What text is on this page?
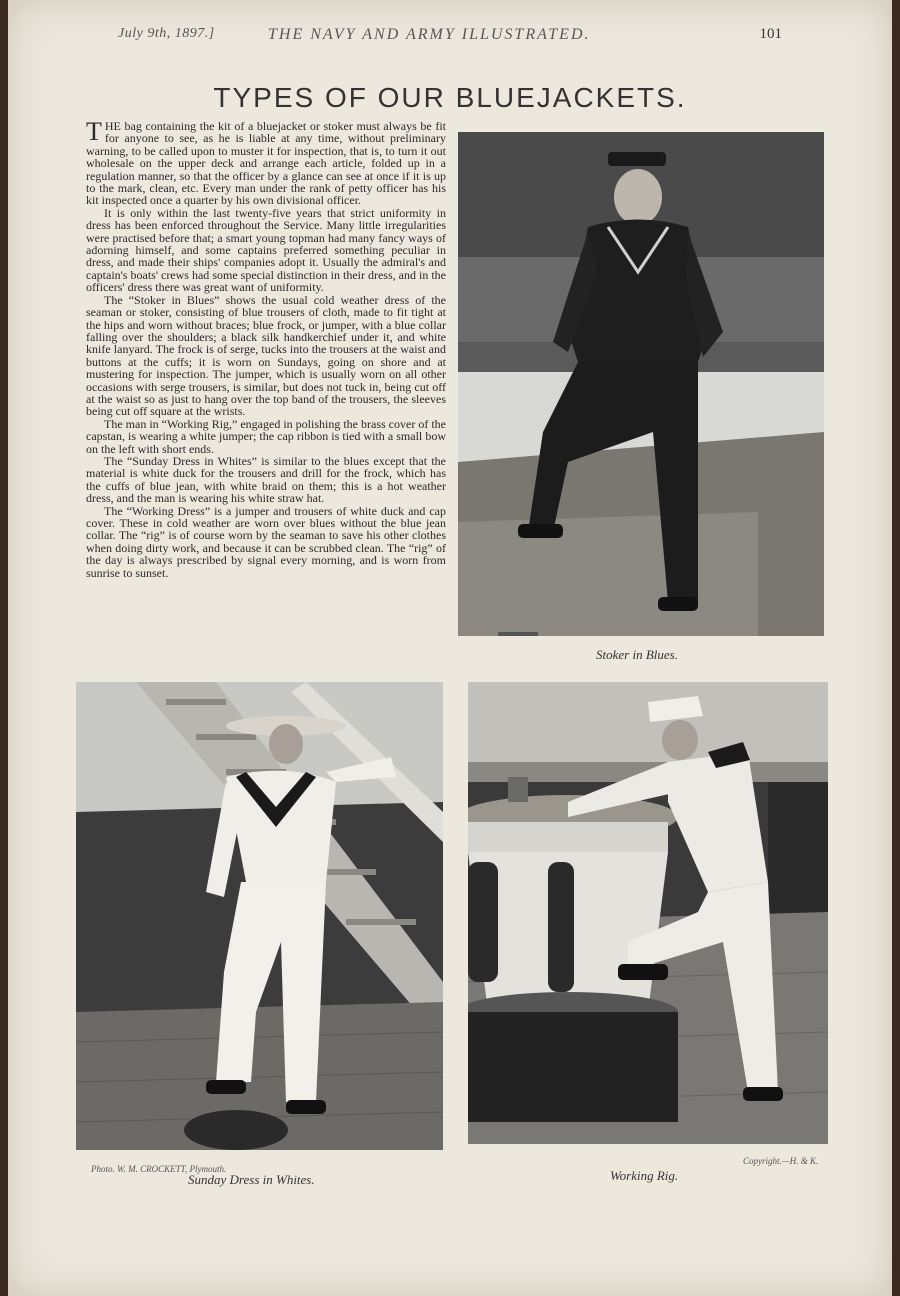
July 9th, 1897.]	THE NAVY AND ARMY ILLUSTRATED.	101
TYPES OF OUR BLUEJACKETS.

THE bag containing the kit of a bluejacket or stoker must always be fit for anyone to see, as he is liable at any time, without preliminary warning, to be called upon to muster it for inspection, that is, to turn it out wholesale on the upper deck and arrange each article, folded up in a regulation manner, so that the officer by a glance can see at once if it is up to the mark, clean, etc. Every man under the rank of petty officer has his kit inspected once a quarter by his own divisional officer.

It is only within the last twenty-five years that strict uniformity in dress has been enforced throughout the Service. Many little irregularities were practised before that; a smart young topman had many fancy ways of adorning himself, and some captains preferred something peculiar in dress, and made their ships' companies adopt it. Usually the admiral's and captain's boats' crews had some special distinction in their dress, and in the officers' dress there was great want of uniformity.

The “Stoker in Blues” shows the usual cold weather dress of the seaman or stoker, consisting of blue trousers of cloth, made to fit tight at the hips and worn without braces; blue frock, or jumper, with a blue collar falling over the shoulders; a black silk handkerchief under it, and white knife lanyard. The frock is of serge, tucks into the trousers at the waist and buttons at the cuffs; it is worn on Sundays, going on shore and at mustering for inspection. The jumper, which is usually worn on all other occasions with serge trousers, is similar, but does not tuck in, being cut off at the waist so as just to hang over the top band of the trousers, the sleeves being cut off square at the wrists.

The man in “Working Rig,” engaged in polishing the brass cover of the capstan, is wearing a white jumper; the cap ribbon is tied with a small bow on the left with short ends.

The “Sunday Dress in Whites” is similar to the blues except that the material is white duck for the trousers and drill for the frock, which has the cuffs of blue jean, with white braid on them; this is a hot weather dress, and the man is wearing his white straw hat.

The “Working Dress” is a jumper and trousers of white duck and cap cover. These in cold weather are worn over blues without the blue jean collar. The “rig” is of course worn by the seaman to save his other clothes when doing dirty work, and because it can be scrubbed clean. The “rig” of the day is always prescribed by signal every morning, and is worn from sunrise to sunset.

Stoker in Blues.
Photo. W. M. CROCKETT, Plymouth.
Sunday Dress in Whites.
Copyright.—H. & K.
Working Rig.
